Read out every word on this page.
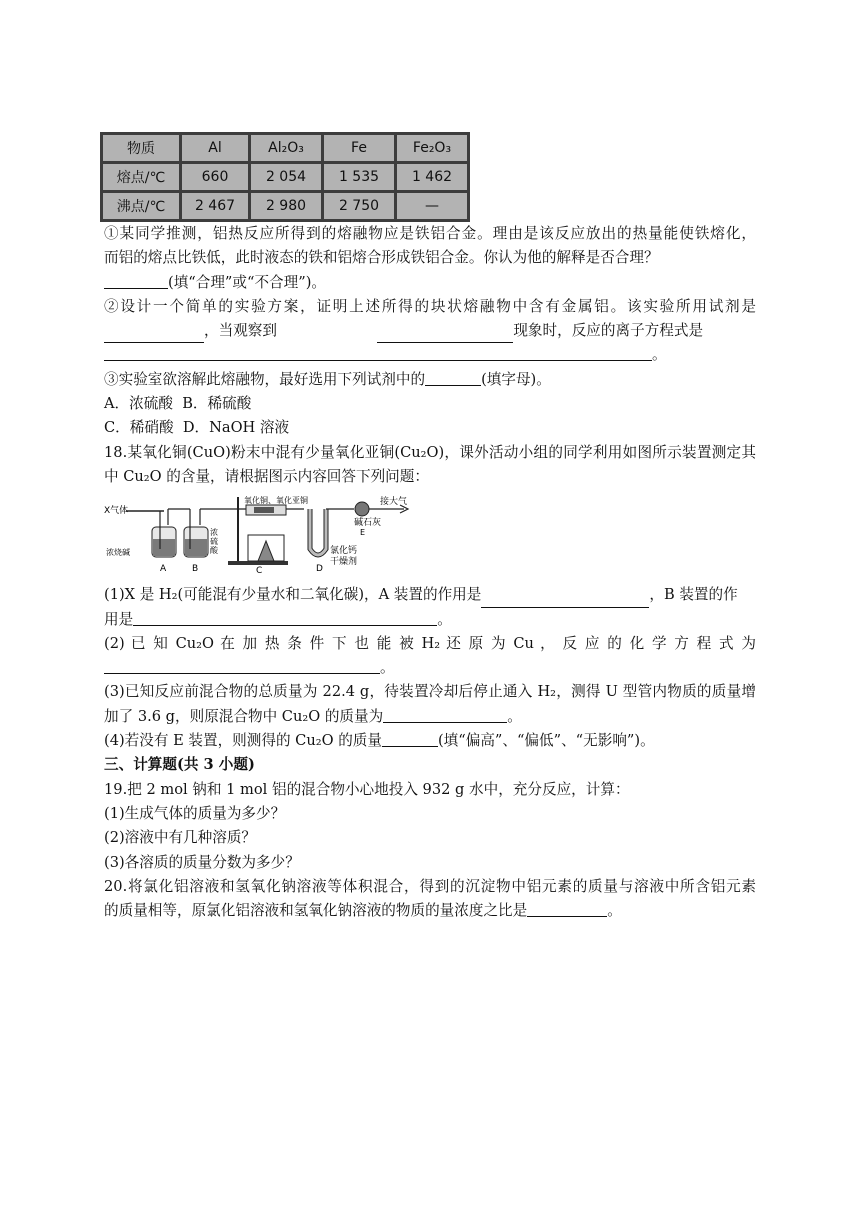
物质	Al	Al₂O₃	Fe	Fe₂O₃
熔点/℃	660	2 054	1 535	1 462
沸点/℃	2 467	2 980	2 750	—

①某同学推测，铝热反应所得到的熔融物应是铁铝合金。理由是该反应放出的热量能使铁熔化，

而铝的熔点比铁低，此时液态的铁和铝熔合形成铁铝合金。你认为他的解释是否合理？

(填“合理”或“不合理”)。

②设计一个简单的实验方案，证明上述所得的块状熔融物中含有金属铝。该实验所用试剂是

，当观察到	现象时，反应的离子方程式是

。

③实验室欲溶解此熔融物，最好选用下列试剂中的	(填字母)。

A．浓硫酸 B．稀硫酸

C．稀硝酸 D．NaOH 溶液

18.某氧化铜(CuO)粉末中混有少量氧化亚铜(Cu₂O)，课外活动小组的同学利用如图所示装置测定其

中 Cu₂O 的含量，请根据图示内容回答下列问题：

X气体
氧化铜、氧化亚铜	接大气
碱石灰
E
浓烧碱
浓
硫
酸	氯化钙
干燥剂
A	B	C	D

(1)X 是 H₂(可能混有少量水和二氧化碳)，A 装置的作用是	，B 装置的作

用是	。

(2) 已 知 Cu₂O 在 加 热 条 件 下 也 能 被 H₂ 还 原 为 Cu ， 反 应 的 化 学 方 程 式 为

。

(3)已知反应前混合物的总质量为 22.4 g，待装置冷却后停止通入 H₂，测得 U 型管内物质的质量增

加了 3.6 g，则原混合物中 Cu₂O 的质量为	。

(4)若没有 E 装置，则测得的 Cu₂O 的质量	(填“偏高”、“偏低”、“无影响”)。

三、计算题(共 3 小题)

19.把 2 mol 钠和 1 mol 铝的混合物小心地投入 932 g 水中，充分反应，计算：

(1)生成气体的质量为多少？

(2)溶液中有几种溶质？

(3)各溶质的质量分数为多少？

20.将氯化铝溶液和氢氧化钠溶液等体积混合，得到的沉淀物中铝元素的质量与溶液中所含铝元素

的质量相等，原氯化铝溶液和氢氧化钠溶液的物质的量浓度之比是	。
